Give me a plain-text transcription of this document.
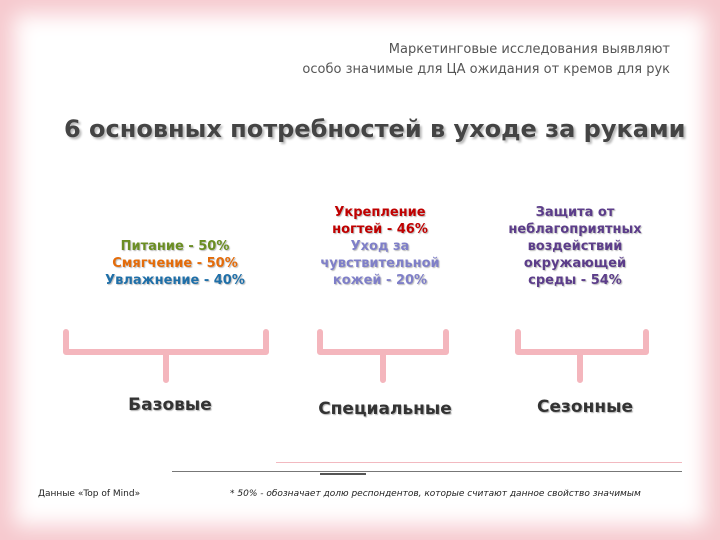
Маркетинговые исследования выявляют
особо значимые для ЦА ожидания от кремов для рук
6 основных потребностей в уходе за руками
Питание - 50%
Смягчение - 50%
Увлажнение - 40%
Укрепление
ногтей - 46%
Уход за
чувствительной
кожей - 20%
Защита от
неблагоприятных
воздействий
окружающей
среды - 54%
Базовые	Специальные	Сезонные
Данные «Top of Mind»	* 50% - обозначает долю респондентов, которые считают данное свойство значимым
